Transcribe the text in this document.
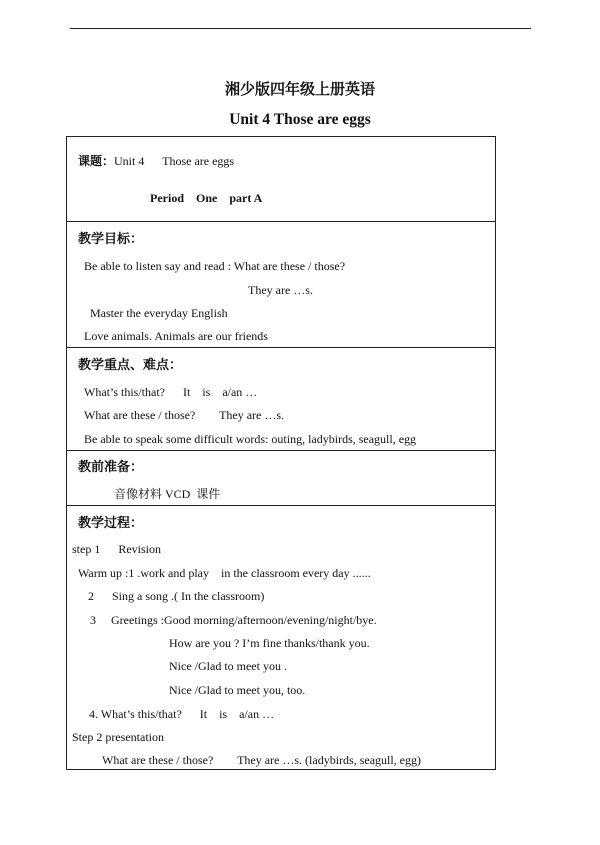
湘少版四年级上册英语
Unit 4 Those are eggs
课题：Unit 4      Those are eggs
Period    One    part A
教学目标：
Be able to listen say and read : What are these / those?
They are …s.
Master the everyday English
Love animals. Animals are our friends
教学重点、难点：
What’s this/that?      It    is    a/an …
What are these / those?        They are …s.
Be able to speak some difficult words: outing, ladybirds, seagull, egg
教前准备：
音像材料 VCD  课件
教学过程：
step 1      Revision
Warm up :1 .work and play    in the classroom every day ......
2      Sing a song .( In the classroom)
3     Greetings :Good morning/afternoon/evening/night/bye.
How are you ? I’m fine thanks/thank you.
Nice /Glad to meet you .
Nice /Glad to meet you, too.
4. What’s this/that?      It    is    a/an …
Step 2 presentation
What are these / those?        They are …s. (ladybirds, seagull, egg)
